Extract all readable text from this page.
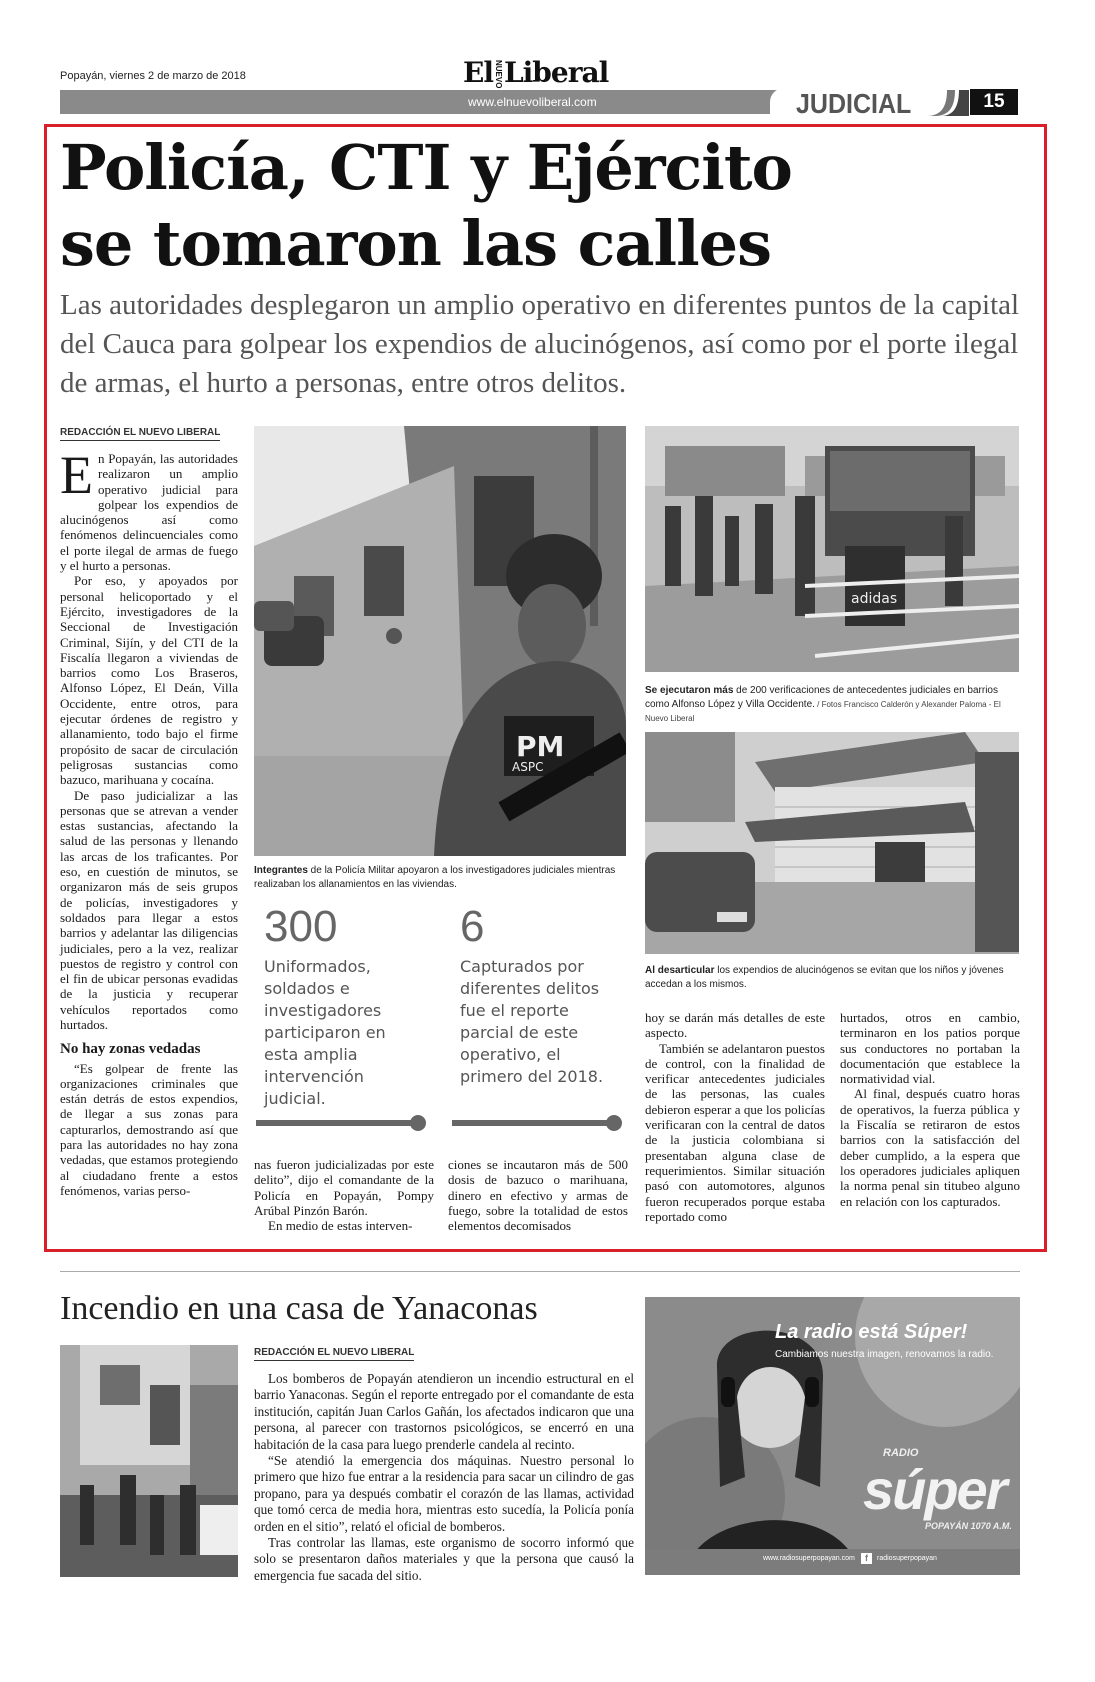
Popayán, viernes 2 de marzo de 2018	ElNUEVOLiberal
www.elnuevoliberal.com	JUDICIAL	15
Policía, CTI y Ejército
se tomaron las calles
Las autoridades desplegaron un amplio operativo en diferentes puntos de la capital del Cauca para golpear los expendios de alucinógenos, así como por el porte ilegal de armas, el hurto a personas, entre otros delitos.
REDACCIÓN EL NUEVO LIBERAL

En Popayán, las autoridades realizaron un amplio operativo judicial para golpear los expendios de alucinógenos así como fenómenos delincuenciales como el porte ilegal de armas de fuego y el hurto a personas.

Por eso, y apoyados por personal helicoportado y el Ejército, investigadores de la Seccional de Investigación Criminal, Sijín, y del CTI de la Fiscalía llegaron a viviendas de barrios como Los Braseros, Alfonso López, El Deán, Villa Occidente, entre otros, para ejecutar órdenes de registro y allanamiento, todo bajo el firme propósito de sacar de circulación peligrosas sustancias como bazuco, marihuana y cocaína.

De paso judicializar a las personas que se atrevan a vender estas sustancias, afectando la salud de las personas y llenando las arcas de los traficantes. Por eso, en cuestión de minutos, se organizaron más de seis grupos de policías, investigadores y soldados para llegar a estos barrios y adelantar las diligencias judiciales, pero a la vez, realizar puestos de registro y control con el fin de ubicar personas evadidas de la justicia y recuperar vehículos reportados como hurtados.

No hay zonas vedadas

“Es golpear de frente las organizaciones criminales que están detrás de estos expendios, de llegar a sus zonas para capturarlos, demostrando así que para las autoridades no hay zona vedadas, que estamos protegiendo al ciudadano frente a estos fenómenos, varias perso-

PM
ASPC
Integrantes de la Policía Militar apoyaron a los investigadores judiciales mientras realizaban los allanamientos en las viviendas.
300
Uniformados, soldados e investigadores participaron en esta amplia intervención judicial.
6
Capturados por diferentes delitos fue el reporte parcial de este operativo, el primero del 2018.

nas fueron judicializadas por este delito”, dijo el comandante de la Policía en Popayán, Pompy Arúbal Pinzón Barón.

En medio de estas interven-

ciones se incautaron más de 500 dosis de bazuco o marihuana, dinero en efectivo y armas de fuego, sobre la totalidad de estos elementos decomisados

adidas
Se ejecutaron más de 200 verificaciones de antecedentes judiciales en barrios como Alfonso López y Villa Occidente. / Fotos Francisco Calderón y Alexander Paloma - El Nuevo Liberal
Al desarticular los expendios de alucinógenos se evitan que los niños y jóvenes accedan a los mismos.

hoy se darán más detalles de este aspecto.

También se adelantaron puestos de control, con la finalidad de verificar antecedentes judiciales de las personas, las cuales debieron esperar a que los policías verificaran con la central de datos de la justicia colombiana si presentaban alguna clase de requerimientos. Similar situación pasó con automotores, algunos fueron recuperados porque estaba reportado como

hurtados, otros en cambio, terminaron en los patios porque sus conductores no portaban la documentación que establece la normatividad vial.

Al final, después cuatro horas de operativos, la fuerza pública y la Fiscalía se retiraron de estos barrios con la satisfacción del deber cumplido, a la espera que los operadores judiciales apliquen la norma penal sin titubeo alguno en relación con los capturados.

Incendio en una casa de Yanaconas
REDACCIÓN EL NUEVO LIBERAL

Los bomberos de Popayán atendieron un incendio estructural en el barrio Yanaconas. Según el reporte entregado por el comandante de esta institución, capitán Juan Carlos Gañán, los afectados indicaron que una persona, al parecer con trastornos psicológicos, se encerró en una habitación de la casa para luego prenderle candela al recinto.

“Se atendió la emergencia dos máquinas. Nuestro personal lo primero que hizo fue entrar a la residencia para sacar un cilindro de gas propano, para ya después combatir el corazón de las llamas, actividad que tomó cerca de media hora, mientras esto sucedía, la Policía ponía orden en el sitio”, relató el oficial de bomberos.

Tras controlar las llamas, este organismo de socorro informó que solo se presentaron daños materiales y que la persona que causó la emergencia fue sacada del sitio.

La radio está Súper!
Cambiamos nuestra imagen, renovamos la radio.
RADIO
súper
POPAYÁN 1070 A.M.
www.radiosuperpopayan.com	f	radiosuperpopayan
